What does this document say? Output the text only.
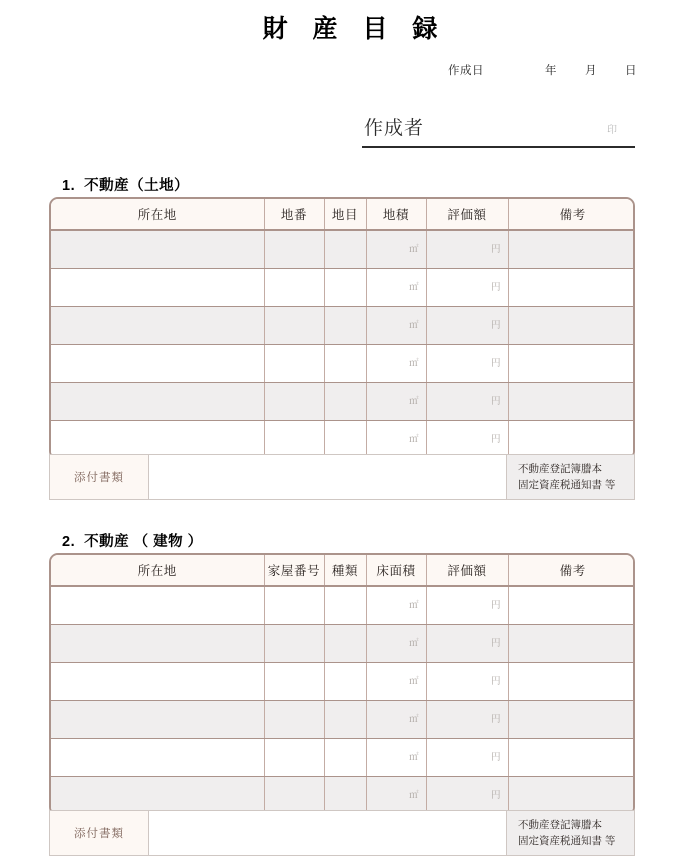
財 産 目 録
作成日	年 月 日
作成者	印
1. 不動産（土地）
所在地	地番	地目	地積	評価額	備考

			㎡	円	

			㎡	円	

			㎡	円	

			㎡	円	

			㎡	円	

			㎡	円	

添付書類
不動産登記簿謄本
固定資産税通知書 等
2. 不動産 （ 建物 ）
所在地	家屋番号	種類	床面積	評価額	備考

			㎡	円	

			㎡	円	

			㎡	円	

			㎡	円	

			㎡	円	

			㎡	円	

添付書類
不動産登記簿謄本
固定資産税通知書 等
